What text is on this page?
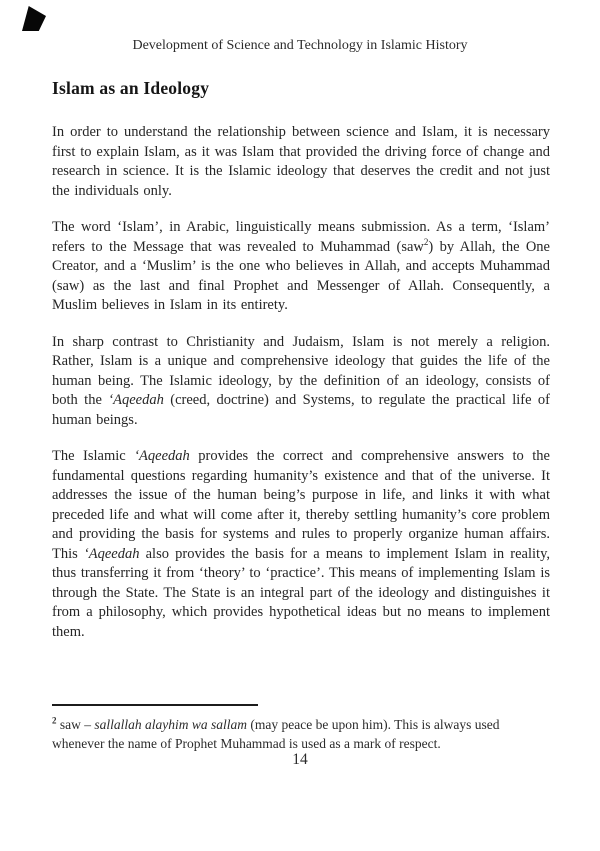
Development of Science and Technology in Islamic History
Islam as an Ideology

In order to understand the relationship between science and Islam, it is necessary first to explain Islam, as it was Islam that provided the driving force of change and research in science. It is the Islamic ideology that deserves the credit and not just the individuals only.

The word ‘Islam’, in Arabic, linguistically means submission. As a term, ‘Islam’ refers to the Message that was revealed to Muhammad (saw$^2$) by Allah, the One Creator, and a ‘Muslim’ is the one who believes in Allah, and accepts Muhammad (saw) as the last and final Prophet and Messenger of Allah. Consequently, a Muslim believes in Islam in its entirety.

In sharp contrast to Christianity and Judaism, Islam is not merely a religion. Rather, Islam is a unique and comprehensive ideology that guides the life of the human being. The Islamic ideology, by the definition of an ideology, consists of both the ‘Aqeedah (creed, doctrine) and Systems, to regulate the practical life of human beings.

The Islamic ‘Aqeedah provides the correct and comprehensive answers to the fundamental questions regarding humanity’s existence and that of the universe. It addresses the issue of the human being’s purpose in life, and links it with what preceded life and what will come after it, thereby settling humanity’s core problem and providing the basis for systems and rules to properly organize human affairs. This ‘Aqeedah also provides the basis for a means to implement Islam in reality, thus transferring it from ‘theory’ to ‘practice’. This means of implementing Islam is through the State. The State is an integral part of the ideology and distinguishes it from a philosophy, which provides hypothetical ideas but no means to implement them.

$^2$ saw – sallallah alayhim wa sallam (may peace be upon him). This is always used whenever the name of Prophet Muhammad is used as a mark of respect.
14
